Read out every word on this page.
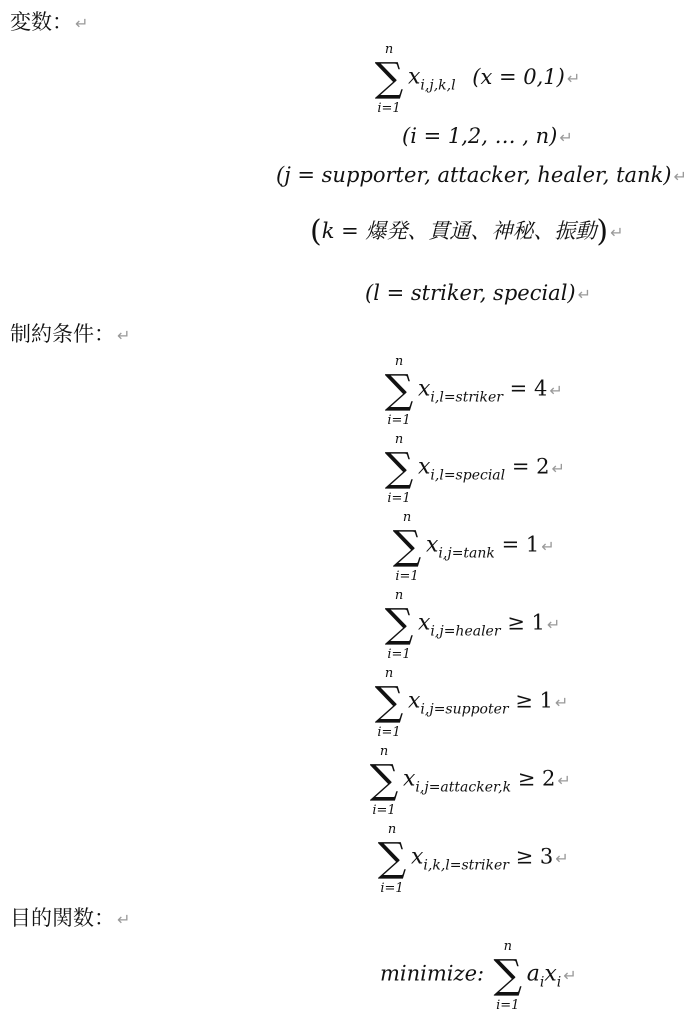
変数： ↵
n
∑
i=1
$x_{i,j,k,l}$ (x = 0,1) ↵
(i = 1,2, … , n) ↵
(j = supporter, attacker, healer, tank) ↵
(k = 爆発、貫通、神秘、振動) ↵
(l = striker, special) ↵
制約条件： ↵
n
∑
i=1
$x_{i,l=striker} = 4$ ↵
n
∑
i=1
$x_{i,l=special} = 2$ ↵
n
∑
i=1
$x_{i,j=tank} = 1$ ↵
n
∑
i=1
$x_{i,j=healer} \ge 1$ ↵
n
∑
i=1
$x_{i,j=suppoter} \ge 1$ ↵
n
∑
i=1
$x_{i,j=attacker,k} \ge 2$ ↵
n
∑
i=1
$x_{i,k,l=striker} \ge 3$ ↵
目的関数： ↵
minimize:
n
∑
i=1
$a_ix_i$ ↵
